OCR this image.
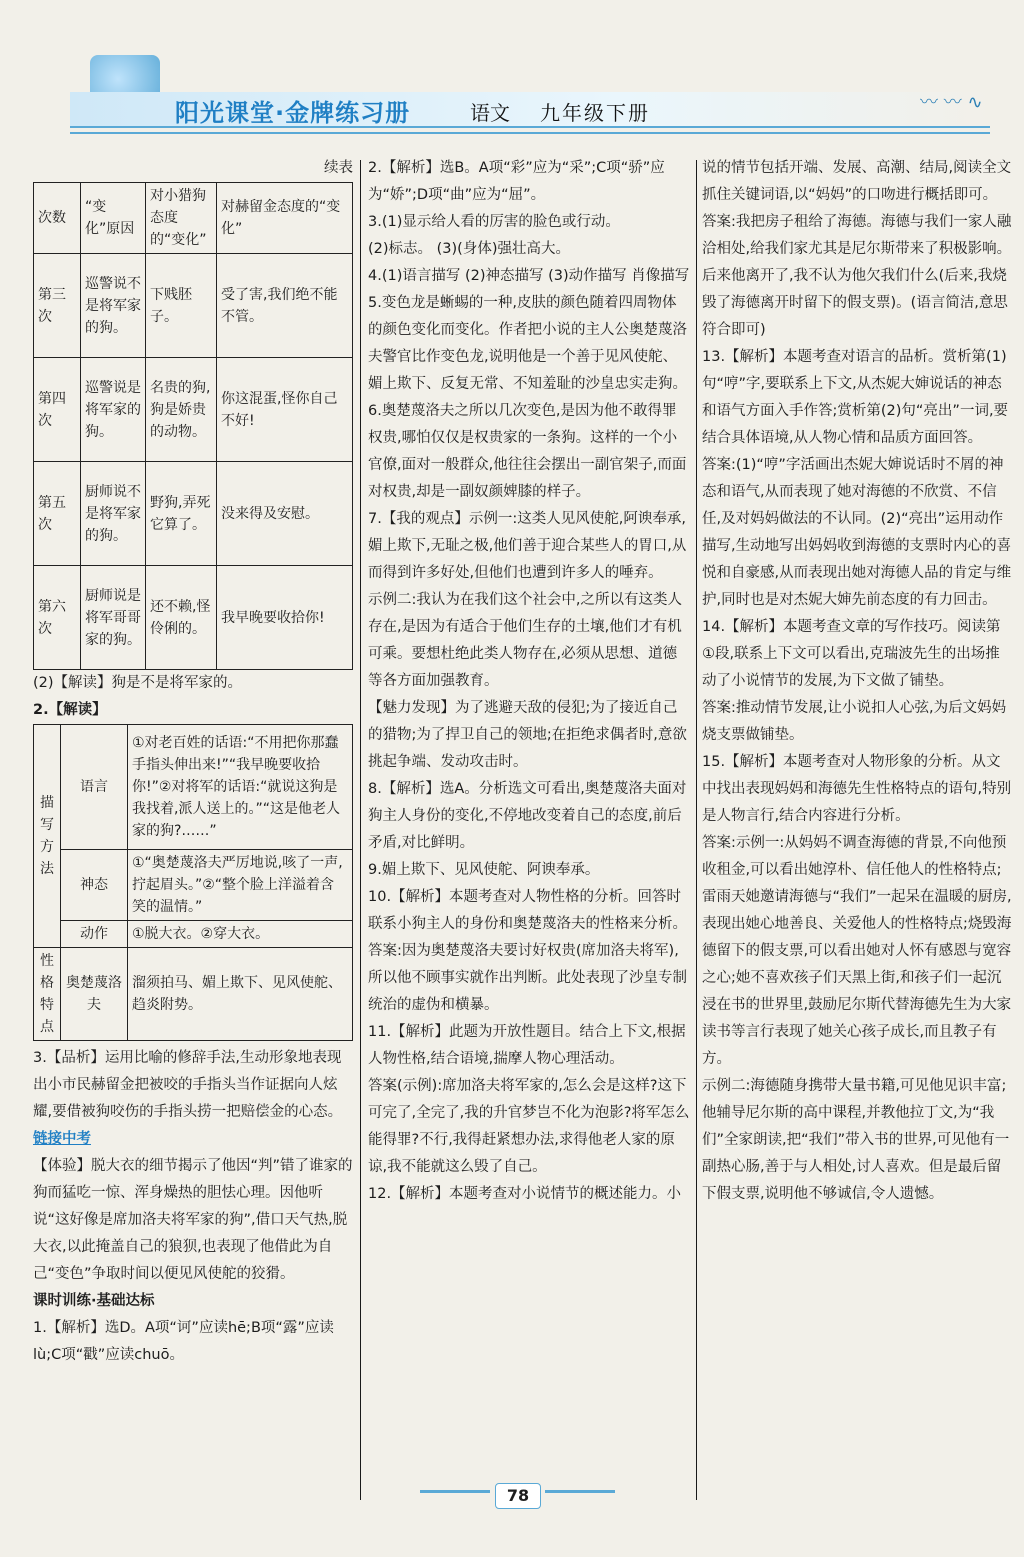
阳光课堂·金牌练习册	语文 九年级下册	〰 〰 ∿

续表

次数	“变化”原因	对小猎狗态度的“变化”	对赫留金态度的“变化”
第三次	巡警说不是将军家的狗。	下贱胚子。	受了害,我们绝不能不管。
第四次	巡警说是将军家的狗。	名贵的狗,狗是娇贵的动物。	你这混蛋,怪你自己不好!
第五次	厨师说不是将军家的狗。	野狗,弄死它算了。	没来得及安慰。
第六次	厨师说是将军哥哥家的狗。	还不赖,怪伶俐的。	我早晚要收拾你!

(2)【解读】狗是不是将军家的。

2.【解读】

描写方法	语言	①对老百姓的话语:“不用把你那蠢手指头伸出来!”“我早晚要收拾你!”②对将军的话语:“就说这狗是我找着,派人送上的。”“这是他老人家的狗?……”
	神态	①“奥楚蔑洛夫严厉地说,咳了一声,拧起眉头。”②“整个脸上洋溢着含笑的温情。”
	动作	①脱大衣。②穿大衣。
性格特点	奥楚蔑洛夫	溜须拍马、媚上欺下、见风使舵、趋炎附势。

3.【品析】运用比喻的修辞手法,生动形象地表现出小市民赫留金把被咬的手指头当作证据向人炫耀,要借被狗咬伤的手指头捞一把赔偿金的心态。

链接中考

【体验】脱大衣的细节揭示了他因“判”错了谁家的狗而猛吃一惊、浑身燥热的胆怯心理。因他听说“这好像是席加洛夫将军家的狗”,借口天气热,脱大衣,以此掩盖自己的狼狈,也表现了他借此为自己“变色”争取时间以便见风使舵的狡猾。

课时训练·基础达标

1.【解析】选D。A项“诃”应读hē;B项“露”应读lù;C项“戳”应读chuō。

2.【解析】选B。A项“彩”应为“采”;C项“骄”应为“娇”;D项“曲”应为“屈”。

3.(1)显示给人看的厉害的脸色或行动。

(2)标志。 (3)(身体)强壮高大。

4.(1)语言描写 (2)神态描写 (3)动作描写 肖像描写

5.变色龙是蜥蜴的一种,皮肤的颜色随着四周物体的颜色变化而变化。作者把小说的主人公奥楚蔑洛夫警官比作变色龙,说明他是一个善于见风使舵、媚上欺下、反复无常、不知羞耻的沙皇忠实走狗。

6.奥楚蔑洛夫之所以几次变色,是因为他不敢得罪权贵,哪怕仅仅是权贵家的一条狗。这样的一个小官僚,面对一般群众,他往往会摆出一副官架子,而面对权贵,却是一副奴颜婢膝的样子。

7.【我的观点】示例一:这类人见风使舵,阿谀奉承,媚上欺下,无耻之极,他们善于迎合某些人的胃口,从而得到许多好处,但他们也遭到许多人的唾弃。

示例二:我认为在我们这个社会中,之所以有这类人存在,是因为有适合于他们生存的土壤,他们才有机可乘。要想杜绝此类人物存在,必须从思想、道德等各方面加强教育。

【魅力发现】为了逃避天敌的侵犯;为了接近自己的猎物;为了捍卫自己的领地;在拒绝求偶者时,意欲挑起争端、发动攻击时。

8.【解析】选A。分析选文可看出,奥楚蔑洛夫面对狗主人身份的变化,不停地改变着自己的态度,前后矛盾,对比鲜明。

9.媚上欺下、见风使舵、阿谀奉承。

10.【解析】本题考查对人物性格的分析。回答时联系小狗主人的身份和奥楚蔑洛夫的性格来分析。

答案:因为奥楚蔑洛夫要讨好权贵(席加洛夫将军),所以他不顾事实就作出判断。此处表现了沙皇专制统治的虚伪和横暴。

11.【解析】此题为开放性题目。结合上下文,根据人物性格,结合语境,揣摩人物心理活动。

答案(示例):席加洛夫将军家的,怎么会是这样?这下可完了,全完了,我的升官梦岂不化为泡影?将军怎么能得罪?不行,我得赶紧想办法,求得他老人家的原谅,我不能就这么毁了自己。

12.【解析】本题考查对小说情节的概述能力。小

说的情节包括开端、发展、高潮、结局,阅读全文抓住关键词语,以“妈妈”的口吻进行概括即可。

答案:我把房子租给了海德。海德与我们一家人融洽相处,给我们家尤其是尼尔斯带来了积极影响。后来他离开了,我不认为他欠我们什么(后来,我烧毁了海德离开时留下的假支票)。(语言简洁,意思符合即可)

13.【解析】本题考查对语言的品析。赏析第(1)句“哼”字,要联系上下文,从杰妮大婶说话的神态和语气方面入手作答;赏析第(2)句“亮出”一词,要结合具体语境,从人物心情和品质方面回答。

答案:(1)“哼”字活画出杰妮大婶说话时不屑的神态和语气,从而表现了她对海德的不欣赏、不信任,及对妈妈做法的不认同。(2)“亮出”运用动作描写,生动地写出妈妈收到海德的支票时内心的喜悦和自豪感,从而表现出她对海德人品的肯定与维护,同时也是对杰妮大婶先前态度的有力回击。

14.【解析】本题考查文章的写作技巧。阅读第①段,联系上下文可以看出,克瑞波先生的出场推动了小说情节的发展,为下文做了铺垫。

答案:推动情节发展,让小说扣人心弦,为后文妈妈烧支票做铺垫。

15.【解析】本题考查对人物形象的分析。从文中找出表现妈妈和海德先生性格特点的语句,特别是人物言行,结合内容进行分析。

答案:示例一:从妈妈不调查海德的背景,不向他预收租金,可以看出她淳朴、信任他人的性格特点;雷雨天她邀请海德与“我们”一起呆在温暖的厨房,表现出她心地善良、关爱他人的性格特点;烧毁海德留下的假支票,可以看出她对人怀有感恩与宽容之心;她不喜欢孩子们天黑上街,和孩子们一起沉浸在书的世界里,鼓励尼尔斯代替海德先生为大家读书等言行表现了她关心孩子成长,而且教子有方。

示例二:海德随身携带大量书籍,可见他见识丰富;他辅导尼尔斯的高中课程,并教他拉丁文,为“我们”全家朗读,把“我们”带入书的世界,可见他有一副热心肠,善于与人相处,讨人喜欢。但是最后留下假支票,说明他不够诚信,令人遗憾。

78
